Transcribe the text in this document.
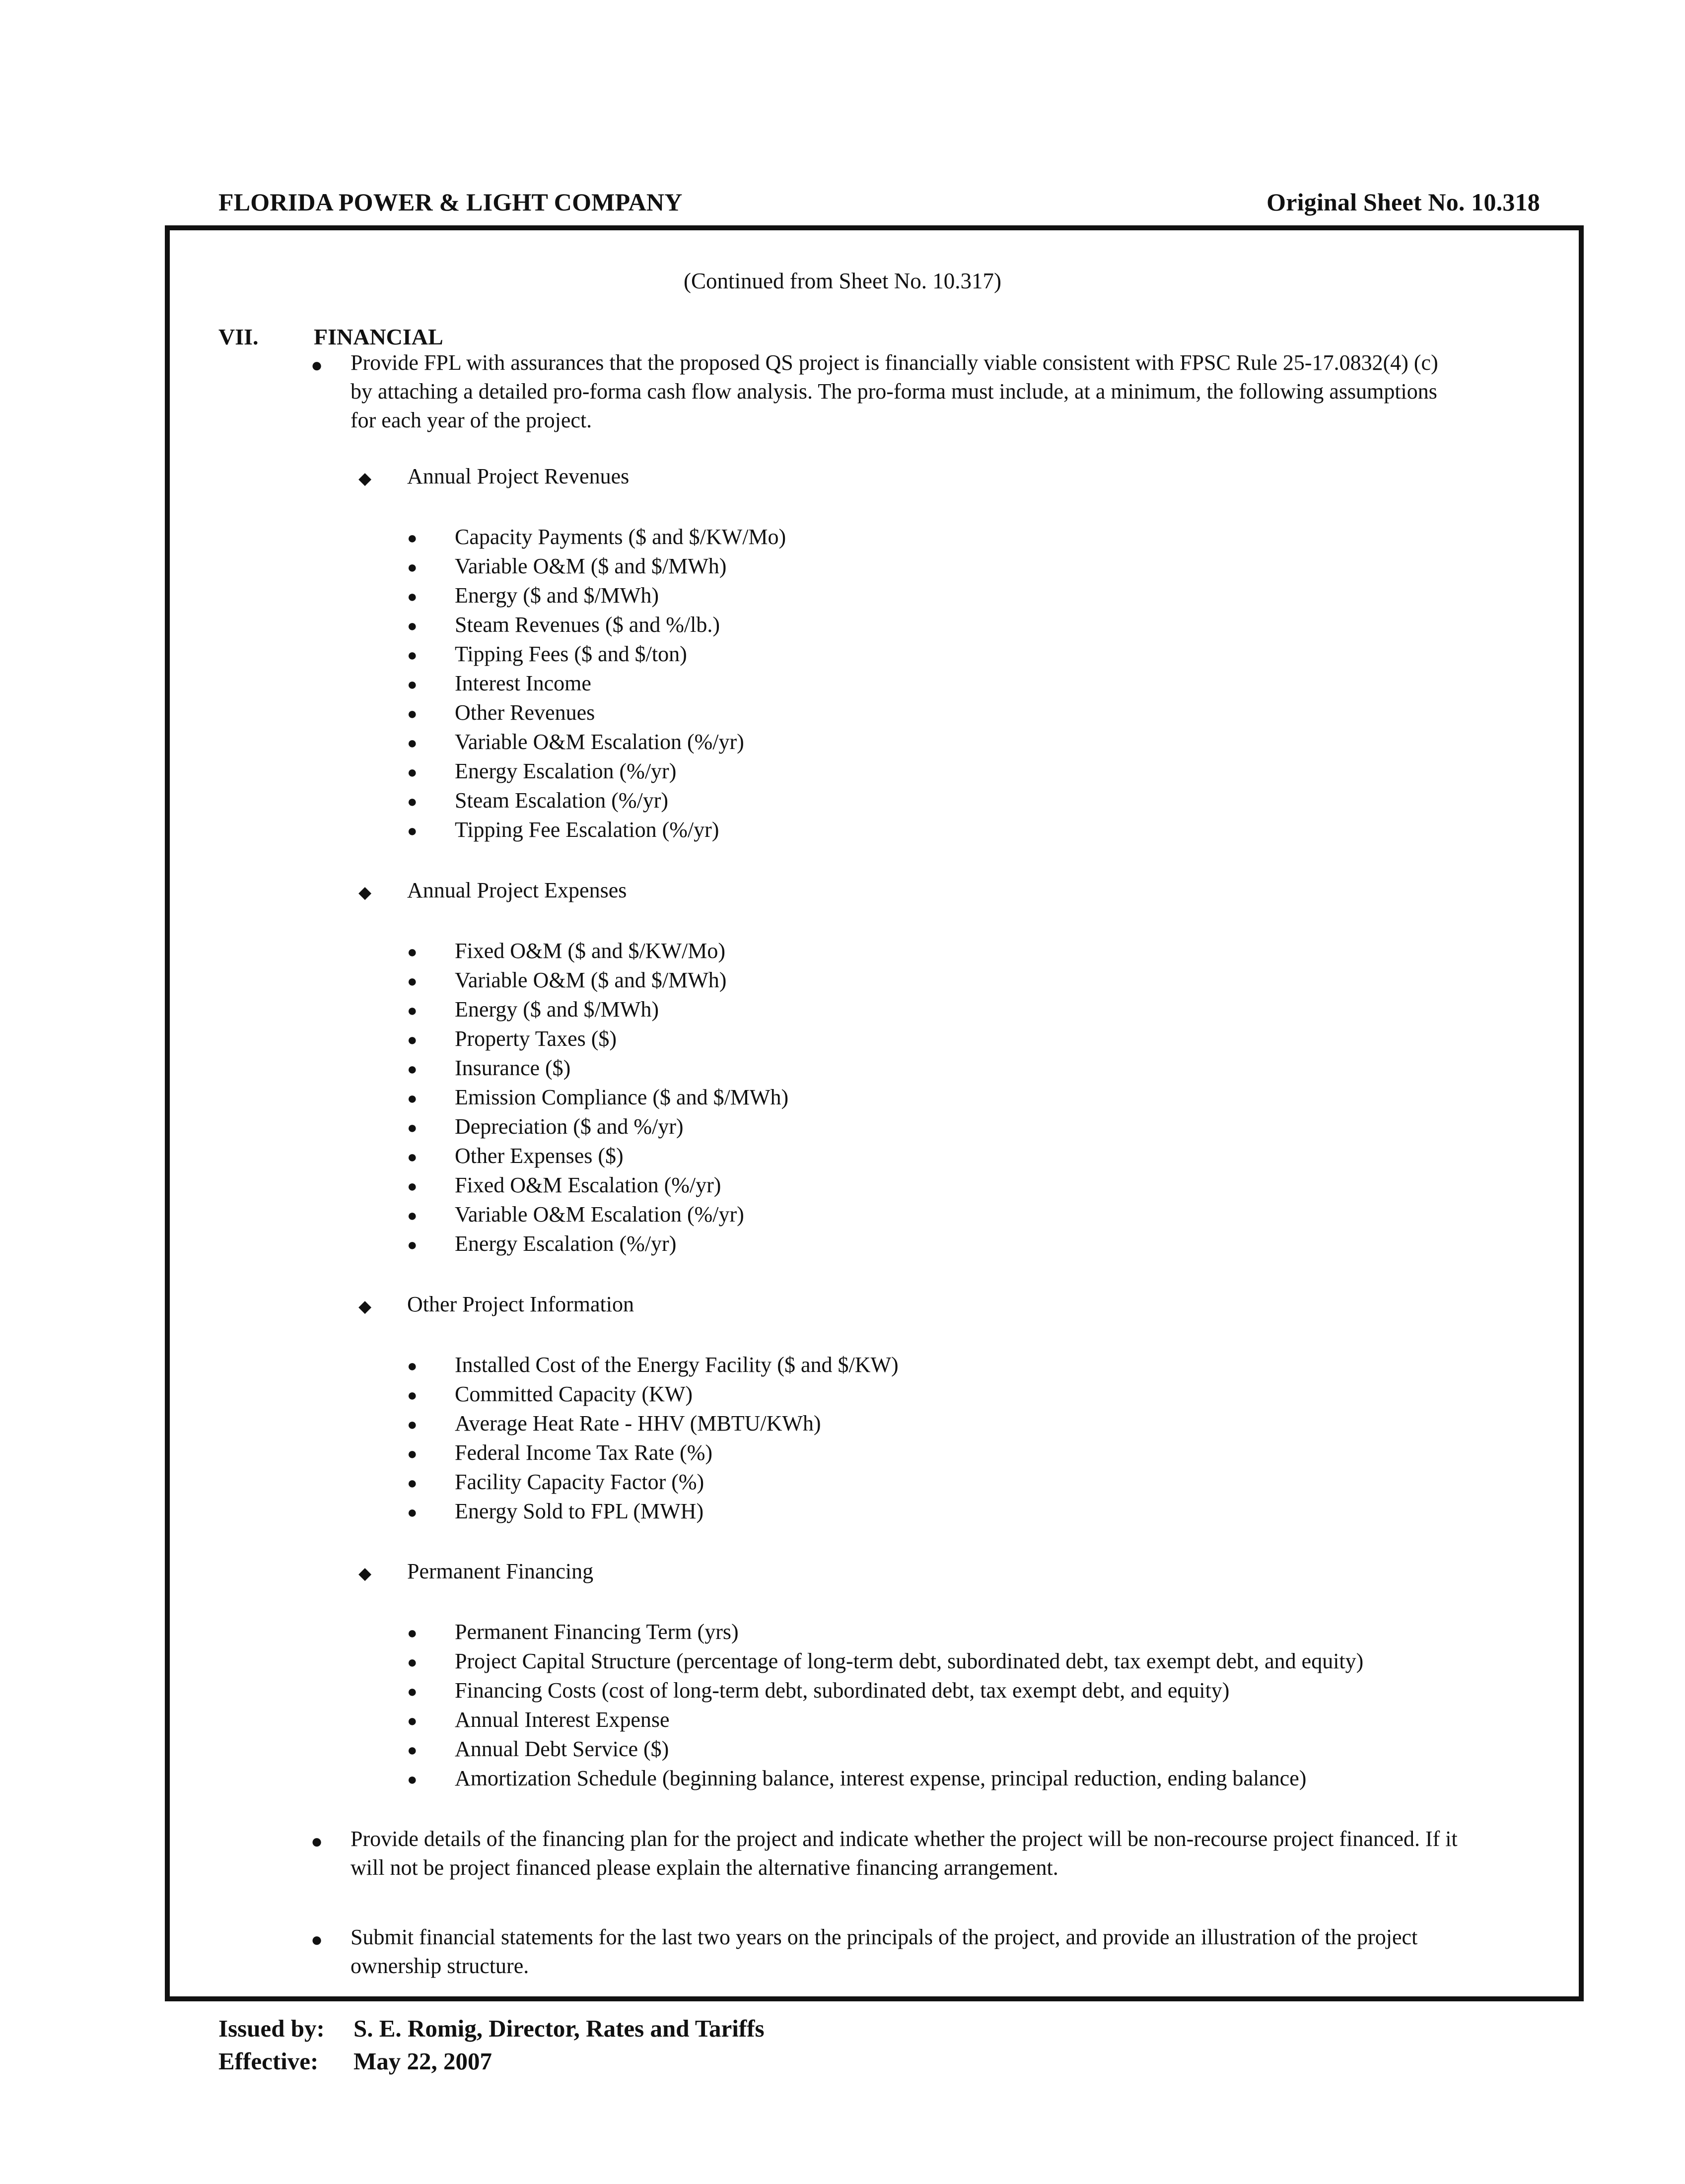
FLORIDA POWER & LIGHT COMPANY	Original Sheet No. 10.318
(Continued from Sheet No. 10.317)
VII. FINANCIAL
● Provide FPL with assurances that the proposed QS project is financially viable consistent with FPSC Rule 25-17.0832(4) (c)
by attaching a detailed pro-forma cash flow analysis. The pro-forma must include, at a minimum, the following assumptions
for each year of the project.
◆ Annual Project Revenues
● Capacity Payments ($ and $/KW/Mo)
● Variable O&M ($ and $/MWh)
● Energy ($ and $/MWh)
● Steam Revenues ($ and %/lb.)
● Tipping Fees ($ and $/ton)
● Interest Income
● Other Revenues
● Variable O&M Escalation (%/yr)
● Energy Escalation (%/yr)
● Steam Escalation (%/yr)
● Tipping Fee Escalation (%/yr)
◆ Annual Project Expenses
● Fixed O&M ($ and $/KW/Mo)
● Variable O&M ($ and $/MWh)
● Energy ($ and $/MWh)
● Property Taxes ($)
● Insurance ($)
● Emission Compliance ($ and $/MWh)
● Depreciation ($ and %/yr)
● Other Expenses ($)
● Fixed O&M Escalation (%/yr)
● Variable O&M Escalation (%/yr)
● Energy Escalation (%/yr)
◆ Other Project Information
● Installed Cost of the Energy Facility ($ and $/KW)
● Committed Capacity (KW)
● Average Heat Rate - HHV (MBTU/KWh)
● Federal Income Tax Rate (%)
● Facility Capacity Factor (%)
● Energy Sold to FPL (MWH)
◆ Permanent Financing
● Permanent Financing Term (yrs)
● Project Capital Structure (percentage of long-term debt, subordinated debt, tax exempt debt, and equity)
● Financing Costs (cost of long-term debt, subordinated debt, tax exempt debt, and equity)
● Annual Interest Expense
● Annual Debt Service ($)
● Amortization Schedule (beginning balance, interest expense, principal reduction, ending balance)
● Provide details of the financing plan for the project and indicate whether the project will be non-recourse project financed. If it
will not be project financed please explain the alternative financing arrangement.
● Submit financial statements for the last two years on the principals of the project, and provide an illustration of the project
ownership structure.
Issued by: S. E. Romig, Director, Rates and Tariffs
Effective: May 22, 2007
